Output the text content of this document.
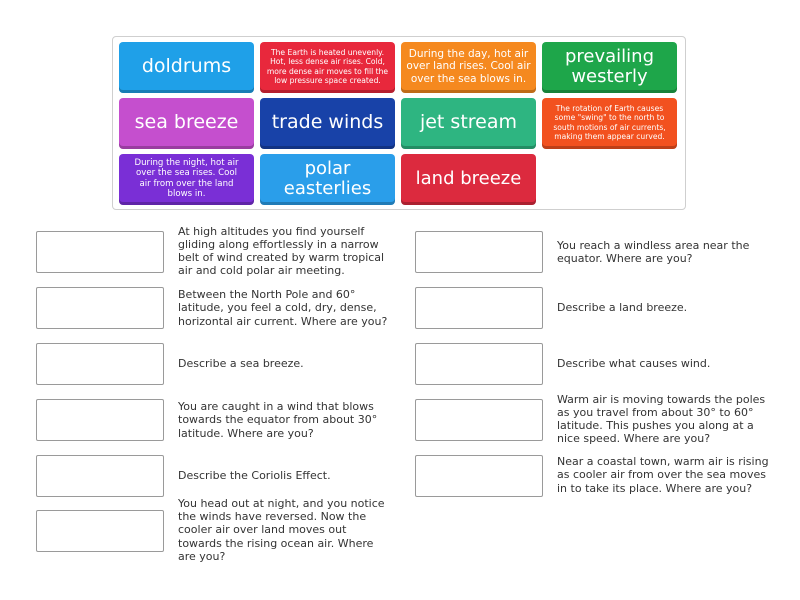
doldrums
The Earth is heated unevenly. Hot, less dense air rises. Cold, more dense air moves to fill the low pressure space created.
During the day, hot air over land rises. Cool air over the sea blows in.
prevailing westerly
sea breeze trade winds jet stream
The rotation of Earth causes some "swing" to the north to south motions of air currents, making them appear curved.
During the night, hot air over the sea rises. Cool air from over the land blows in.
polar easterlies	land breeze
At high altitudes you find yourself gliding along effortlessly in a narrow belt of wind created by warm tropical air and cold polar air meeting.
Between the North Pole and 60° latitude, you feel a cold, dry, dense, horizontal air current. Where are you?
Describe a sea breeze.
You are caught in a wind that blows towards the equator from about 30° latitude. Where are you?
Describe the Coriolis Effect.
You head out at night, and you notice the winds have reversed. Now the cooler air over land moves out towards the rising ocean air. Where are you?
You reach a windless area near the equator. Where are you?
Describe a land breeze.
Describe what causes wind.
Warm air is moving towards the poles as you travel from about 30° to 60° latitude. This pushes you along at a nice speed. Where are you?
Near a coastal town, warm air is rising as cooler air from over the sea moves in to take its place. Where are you?
